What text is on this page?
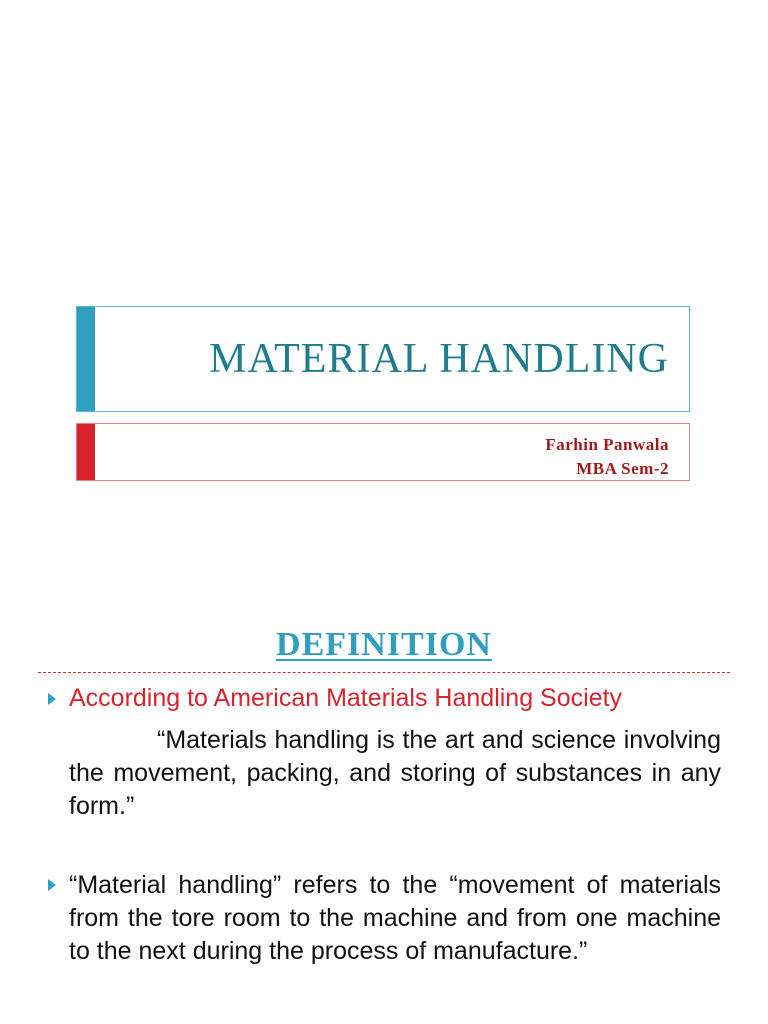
MATERIAL HANDLING
Farhin Panwala
MBA Sem-2
DEFINITION
According to American Materials Handling Society
“Materials handling is the art and science involving the movement, packing, and storing of substances in any form.”
“Material handling” refers to the “movement of materials from the tore room to the machine and from one machine to the next during the process of manufacture.”
